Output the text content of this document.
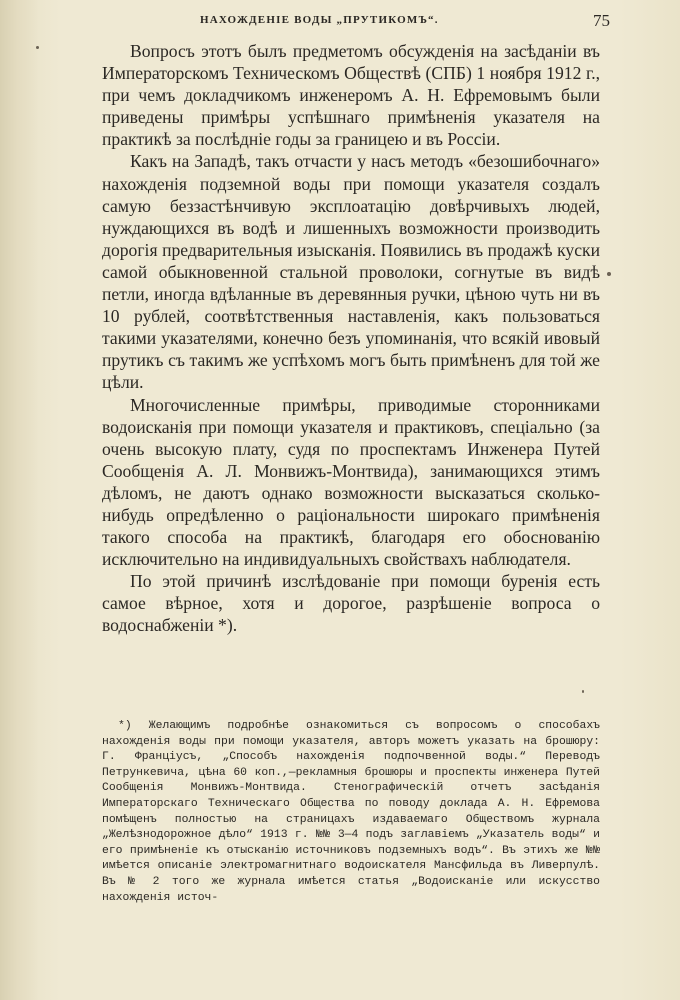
НАХОЖДЕНІЕ ВОДЫ „ПРУТИКОМЪ“.	75

Вопросъ этотъ былъ предметомъ обсужденія на засѣданіи въ Императорскомъ Техническомъ Обществѣ (СПБ) 1 ноября 1912 г., при чемъ докладчикомъ инженеромъ А. Н. Ефремовымъ были приведены примѣры успѣшнаго примѣненія указателя на практикѣ за послѣдніе годы за границею и въ Россіи.

Какъ на Западѣ, такъ отчасти у насъ методъ «безошибочнаго» нахожденія подземной воды при помощи указателя создалъ самую беззастѣнчивую эксплоатацію довѣрчивыхъ людей, нуждающихся въ водѣ и лишенныхъ возможности производить дорогія предварительныя изысканія. Появились въ продажѣ куски самой обыкновенной стальной проволоки, согнутые въ видѣ петли, иногда вдѣланные въ деревянныя ручки, цѣною чуть ни въ 10 рублей, соотвѣтственныя наставленія, какъ пользоваться такими указателями, конечно безъ упоминанія, что всякій ивовый прутикъ съ такимъ же успѣхомъ могъ быть примѣненъ для той же цѣли.

Многочисленные примѣры, приводимые сторонниками водоисканія при помощи указателя и практиковъ, спеціально (за очень высокую плату, судя по проспектамъ Инженера Путей Сообщенія А. Л. Монвижъ-Монтвида), занимающихся этимъ дѣломъ, не даютъ однако возможности высказаться сколько-нибудь опредѣленно о раціональности широкаго примѣненія такого способа на практикѣ, благодаря его обоснованію исключительно на индивидуальныхъ свойствахъ наблюдателя.

По этой причинѣ изслѣдованіе при помощи буренія есть самое вѣрное, хотя и дорогое, разрѣшеніе вопроса о водоснабженіи *).

*) Желающимъ подробнѣе ознакомиться съ вопросомъ о способахъ нахожденія воды при помощи указателя, авторъ можетъ указать на брошюру: Г. Францiусъ, „Способъ нахожденія подпочвенной воды.“ Переводъ Петрункевича, цѣна 60 коп.,—рекламныя брошюры и проспекты инженера Путей Сообщенія Монвижъ-Монтвида. Стенографическій отчетъ засѣданія Императорскаго Техническаго Общества по поводу доклада А. Н. Ефремова помѣщенъ полностью на страницахъ издаваемаго Обществомъ журнала „Желѣзнодорожное дѣло“ 1913 г. №№ 3—4 подъ заглавіемъ „Указатель воды“ и его примѣненіе къ отысканію источниковъ подземныхъ водъ“. Въ этихъ же №№ имѣется описаніе электромагнитнаго водоискателя Мансфильда въ Ливерпулѣ. Въ № 2 того же журнала имѣется статья „Водоисканіе или искусство нахожденія источ-
